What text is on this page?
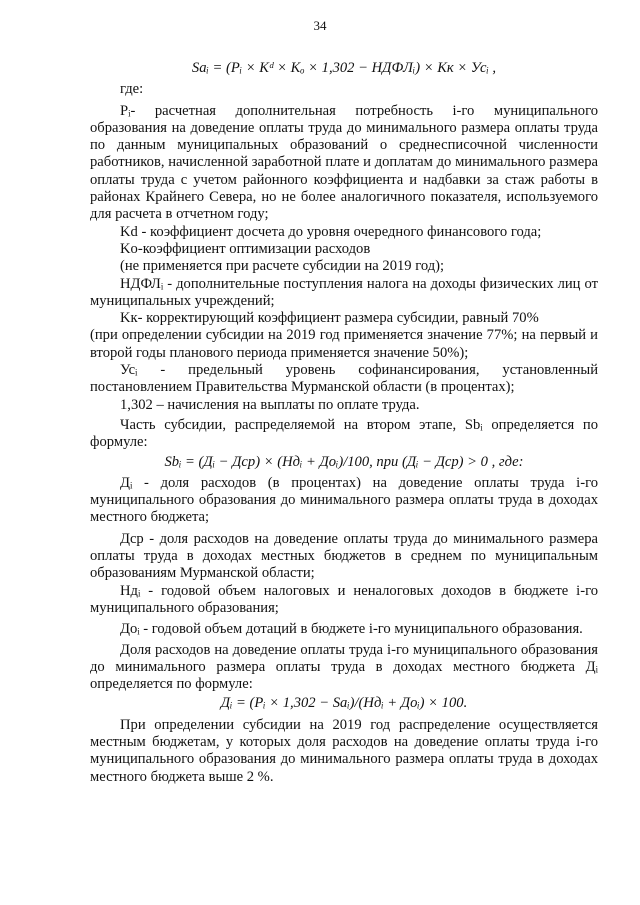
34
Saᵢ = (Pᵢ × Kᵈ × Kₒ × 1,302 − НДФЛᵢ) × Кк × Усᵢ ,

где:

Pᵢ- расчетная дополнительная потребность i-го муниципального образования на доведение оплаты труда до минимального размера оплаты труда по данным муниципальных образований о среднесписочной численности работников, начисленной заработной плате и доплатам до минимального размера оплаты труда с учетом районного коэффициента и надбавки за стаж работы в районах Крайнего Севера, но не более аналогичного показателя, используемого для расчета в отчетном году;

Kd - коэффициент досчета до уровня очередного финансового года;

Ko-коэффициент оптимизации расходов

(не применяется при расчете субсидии на 2019 год);

НДФЛᵢ - дополнительные поступления налога на доходы физических лиц от муниципальных учреждений;

Kк- корректирующий коэффициент размера субсидии, равный 70%

(при определении субсидии на 2019 год применяется значение 77%; на первый и второй годы планового периода применяется значение 50%);

Усᵢ - предельный уровень софинансирования, установленный постановлением Правительства Мурманской области (в процентах);

1,302 – начисления на выплаты по оплате труда.

Часть субсидии, распределяемой на втором этапе, Sbᵢ определяется по формуле:

Sbᵢ = (Дᵢ − Дср) × (Ндᵢ + Доᵢ)/100, при (Дᵢ − Дср) > 0 , где:

Дᵢ - доля расходов (в процентах) на доведение оплаты труда i-го муниципального образования до минимального размера оплаты труда в доходах местного бюджета;

Дср - доля расходов на доведение оплаты труда до минимального размера оплаты труда в доходах местных бюджетов в среднем по муниципальным образованиям Мурманской области;

Ндᵢ - годовой объем налоговых и неналоговых доходов в бюджете i-го муниципального образования;

Доᵢ - годовой объем дотаций в бюджете i-го муниципального образования.

Доля расходов на доведение оплаты труда i-го муниципального образования до минимального размера оплаты труда в доходах местного бюджета Дᵢ определяется по формуле:

Дᵢ = (Pᵢ × 1,302 − Saᵢ)/(Ндᵢ + Доᵢ) × 100.

При определении субсидии на 2019 год распределение осуществляется местным бюджетам, у которых доля расходов на доведение оплаты труда i-го муниципального образования до минимального размера оплаты труда в доходах местного бюджета выше 2 %.
